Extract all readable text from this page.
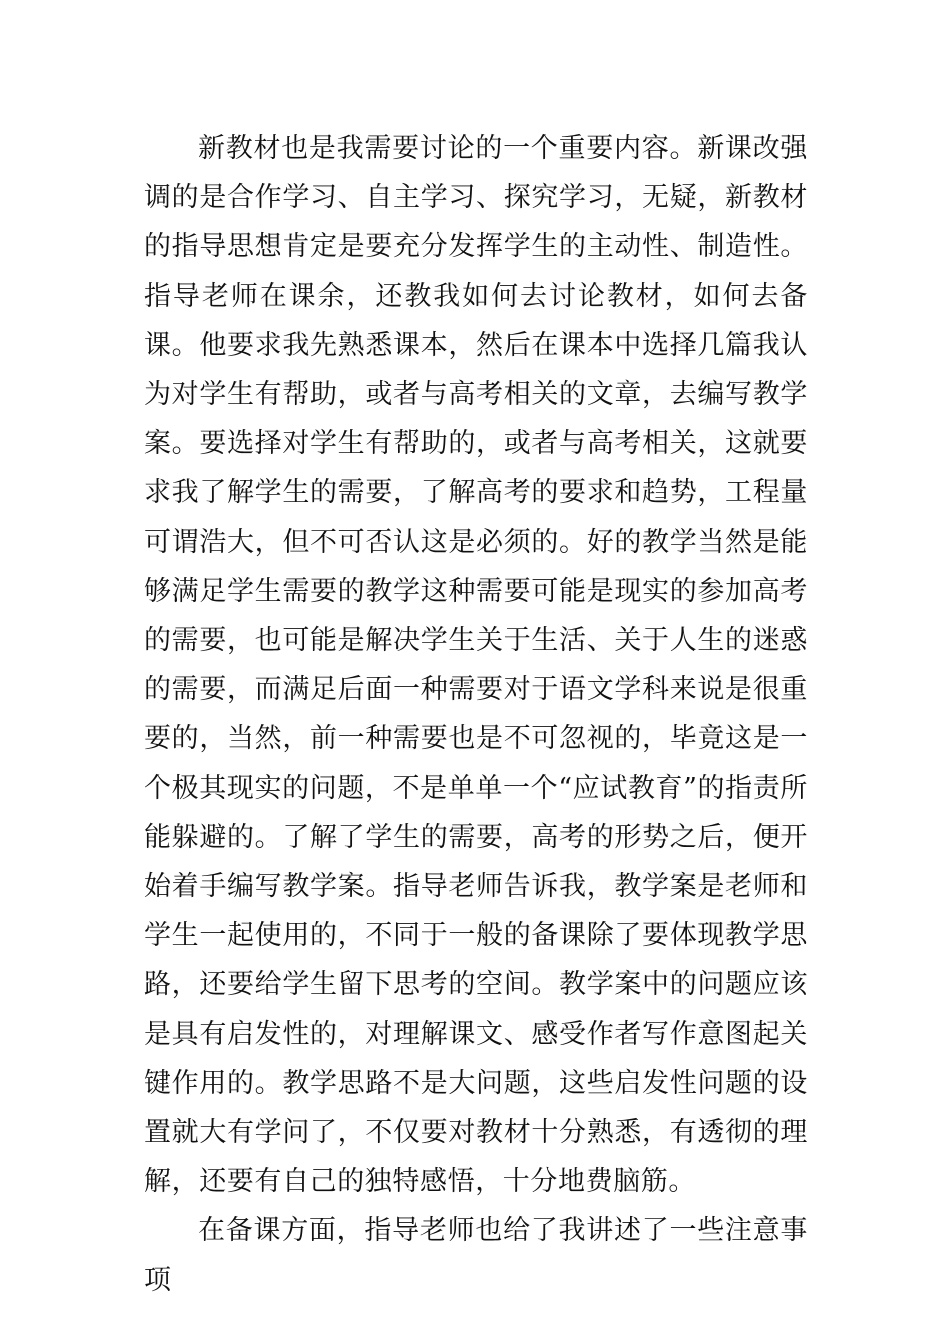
新教材也是我需要讨论的一个重要内容。新课改强调的是合作学习、自主学习、探究学习，无疑，新教材的指导思想肯定是要充分发挥学生的主动性、制造性。指导老师在课余，还教我如何去讨论教材，如何去备课。他要求我先熟悉课本，然后在课本中选择几篇我认为对学生有帮助，或者与高考相关的文章，去编写教学案。要选择对学生有帮助的，或者与高考相关，这就要求我了解学生的需要，了解高考的要求和趋势，工程量可谓浩大，但不可否认这是必须的。好的教学当然是能够满足学生需要的教学这种需要可能是现实的参加高考的需要，也可能是解决学生关于生活、关于人生的迷惑的需要，而满足后面一种需要对于语文学科来说是很重要的，当然，前一种需要也是不可忽视的，毕竟这是一个极其现实的问题，不是单单一个“应试教育”的指责所能躲避的。了解了学生的需要，高考的形势之后，便开始着手编写教学案。指导老师告诉我，教学案是老师和学生一起使用的，不同于一般的备课除了要体现教学思路，还要给学生留下思考的空间。教学案中的问题应该是具有启发性的，对理解课文、感受作者写作意图起关键作用的。教学思路不是大问题，这些启发性问题的设置就大有学问了，不仅要对教材十分熟悉，有透彻的理解，还要有自己的独特感悟，十分地费脑筋。

在备课方面，指导老师也给了我讲述了一些注意事项
